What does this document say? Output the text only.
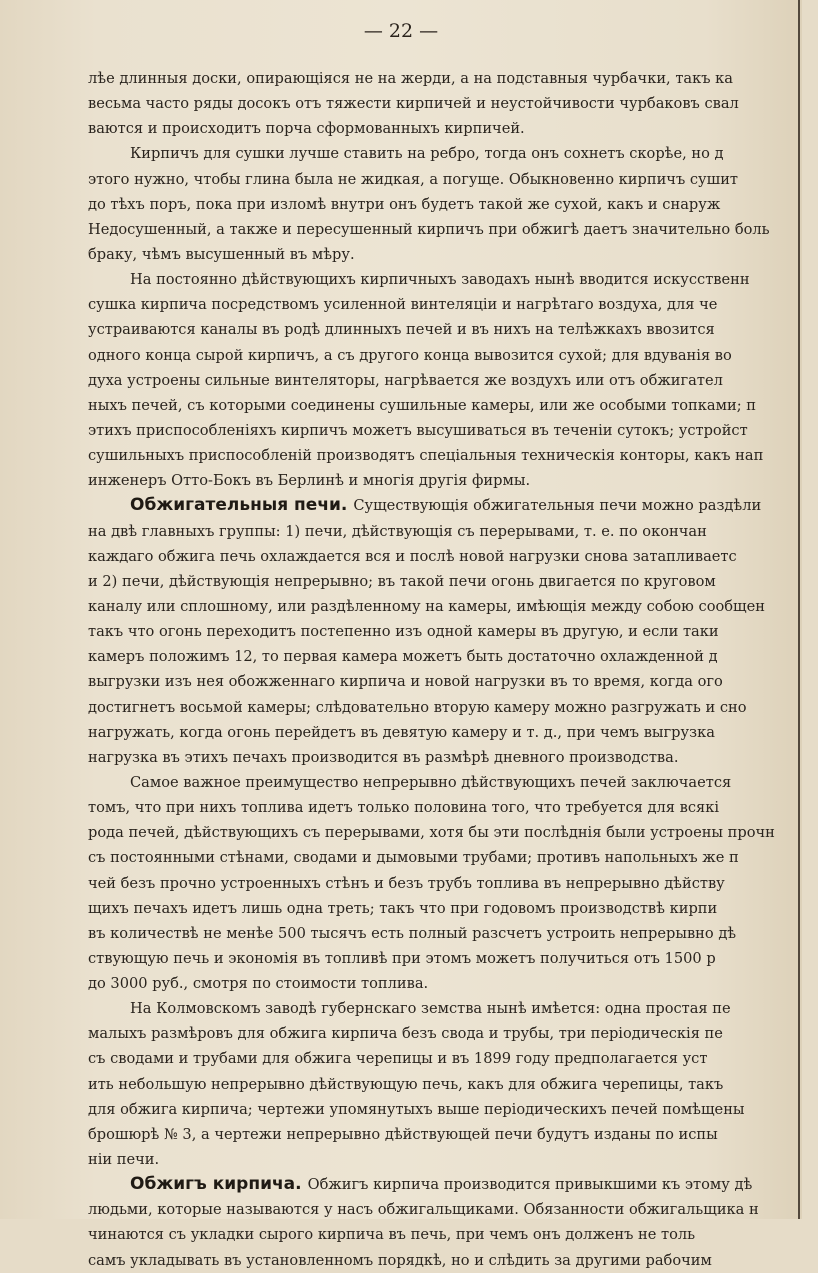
— 22 —
лѣе длинныя доски, опирающіяся не на жерди, а на подставныя чурбачки, такъ ка
весьма часто ряды досокъ отъ тяжести кирпичей и неустойчивости чурбаковъ свал
ваются и происходитъ порча сформованныхъ кирпичей.
Кирпичъ для сушки лучше ставить на ребро, тогда онъ сохнетъ скорѣе, но д
этого нужно, чтобы глина была не жидкая, а погуще. Обыкновенно кирпичъ сушит
до тѣхъ поръ, пока при изломѣ внутри онъ будетъ такой же сухой, какъ и снаруж
Недосушенный, а также и пересушенный кирпичъ при обжигѣ даетъ значительно боль
браку, чѣмъ высушенный въ мѣру.
На постоянно дѣйствующихъ кирпичныхъ заводахъ нынѣ вводится искусственн
сушка кирпича посредствомъ усиленной винтеляціи и нагрѣтаго воздуха, для че
устраиваются каналы въ родѣ длинныхъ печей и въ нихъ на телѣжкахъ ввозится
одного конца сырой кирпичъ, а съ другого конца вывозится сухой; для вдуванія во
духа устроены сильные винтеляторы, нагрѣвается же воздухъ или отъ обжигател
ныхъ печей, съ которыми соединены сушильные камеры, или же особыми топками; п
этихъ приспособленіяхъ кирпичъ можетъ высушиваться въ теченіи сутокъ; устройст
сушильныхъ приспособленій производятъ спеціальныя техническія конторы, какъ нап
инженеръ Отто-Бокъ въ Берлинѣ и многія другія фирмы.
Обжигательныя печи. Существующія обжигательныя печи можно раздѣли
на двѣ главныхъ группы: 1) печи, дѣйствующія съ перерывами, т. е. по окончан
каждаго обжига печь охлаждается вся и послѣ новой нагрузки снова затапливаетс
и 2) печи, дѣйствующія непрерывно; въ такой печи огонь двигается по круговом
каналу или сплошному, или раздѣленному на камеры, имѣющія между собою сообщен
такъ что огонь переходитъ постепенно изъ одной камеры въ другую, и если таки
камеръ положимъ 12, то первая камера можетъ быть достаточно охлажденной д
выгрузки изъ нея обожженнаго кирпича и новой нагрузки въ то время, когда ого
достигнетъ восьмой камеры; слѣдовательно вторую камеру можно разгружать и сно
нагружать, когда огонь перейдетъ въ девятую камеру и т. д., при чемъ выгрузка
нагрузка въ этихъ печахъ производится въ размѣрѣ дневного производства.
Самое важное преимущество непрерывно дѣйствующихъ печей заключается
томъ, что при нихъ топлива идетъ только половина того, что требуется для всякі
рода печей, дѣйствующихъ съ перерывами, хотя бы эти послѣднія были устроены прочн
съ постоянными стѣнами, сводами и дымовыми трубами; противъ напольныхъ же п
чей безъ прочно устроенныхъ стѣнъ и безъ трубъ топлива въ непрерывно дѣйству
щихъ печахъ идетъ лишь одна треть; такъ что при годовомъ производствѣ кирпи
въ количествѣ не менѣе 500 тысячъ есть полный разсчетъ устроить непрерывно дѣ
ствующую печь и экономія въ топливѣ при этомъ можетъ получиться отъ 1500 р
до 3000 руб., смотря по стоимости топлива.
На Колмовскомъ заводѣ губернскаго земства нынѣ имѣется: одна простая пе
малыхъ размѣровъ для обжига кирпича безъ свода и трубы, три періодическія пе
съ сводами и трубами для обжига черепицы и въ 1899 году предполагается уст
ить небольшую непрерывно дѣйствующую печь, какъ для обжига черепицы, такъ
для обжига кирпича; чертежи упомянутыхъ выше періодическихъ печей помѣщены
брошюрѣ № 3, а чертежи непрерывно дѣйствующей печи будутъ изданы по испы
ніи печи.
Обжигъ кирпича. Обжигъ кирпича производится привыкшими къ этому дѣ
людьми, которые называются у насъ обжигальщиками. Обязанности обжигальщика н
чинаются съ укладки сырого кирпича въ печь, при чемъ онъ долженъ не толь
самъ укладывать въ установленномъ порядкѣ, но и слѣдить за другими рабочим
